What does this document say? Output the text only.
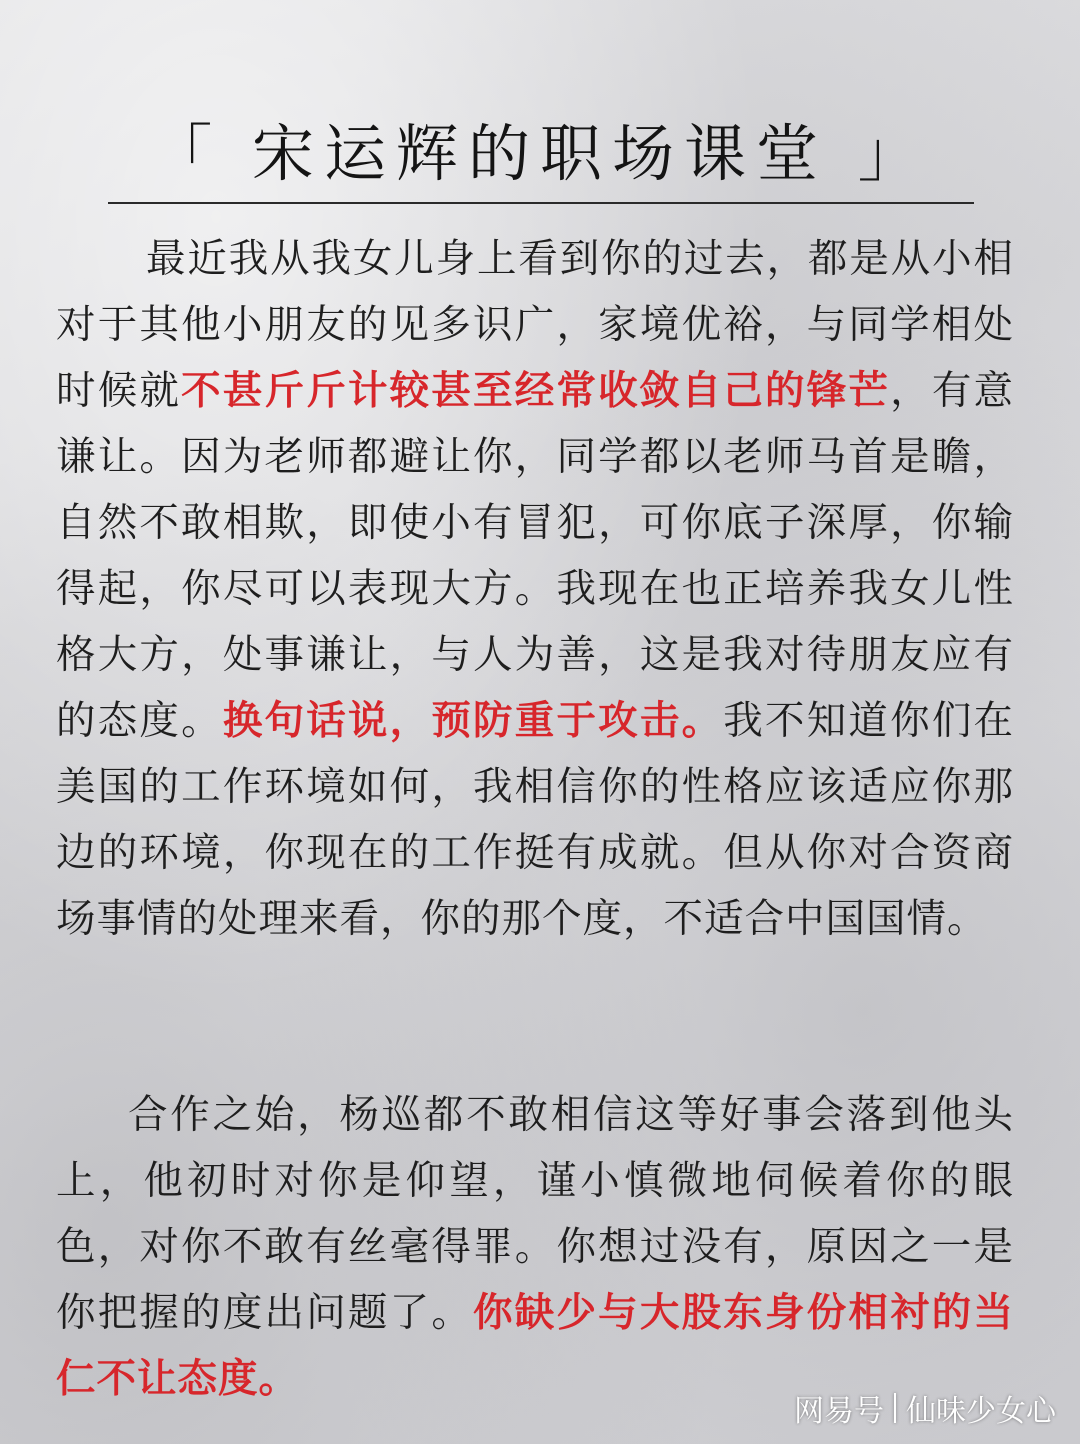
「 宋运辉的职场课堂 」

最近我从我女儿身上看到你的过去，都是从小相对于其他小朋友的见多识广，家境优裕，与同学相处时候就不甚斤斤计较甚至经常收敛自己的锋芒，有意谦让。因为老师都避让你，同学都以老师马首是瞻，自然不敢相欺，即使小有冒犯，可你底子深厚，你输得起，你尽可以表现大方。我现在也正培养我女儿性格大方，处事谦让，与人为善，这是我对待朋友应有的态度。换句话说，预防重于攻击。我不知道你们在美国的工作环境如何，我相信你的性格应该适应你那边的环境，你现在的工作挺有成就。但从你对合资商场事情的处理来看，你的那个度，不适合中国国情。

合作之始，杨巡都不敢相信这等好事会落到他头上，他初时对你是仰望，谨小慎微地伺候着你的眼色，对你不敢有丝毫得罪。你想过没有，原因之一是你把握的度出问题了。你缺少与大股东身份相衬的当仁不让态度。

网易号 仙味少女心
